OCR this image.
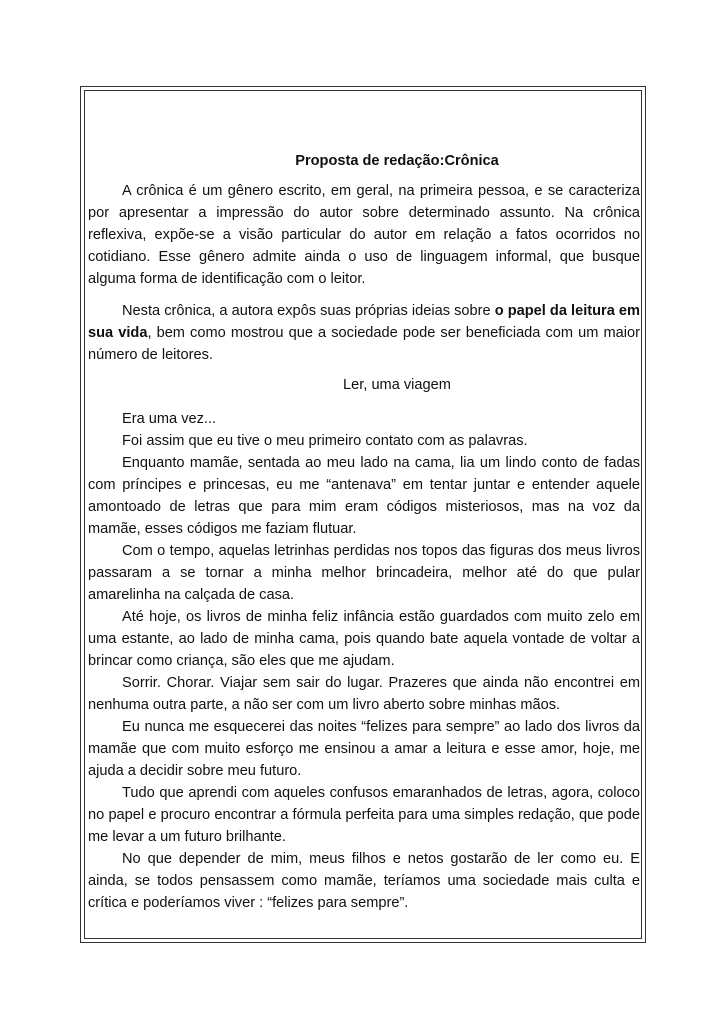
Proposta de redação:Crônica

A crônica é um gênero escrito, em geral, na primeira pessoa, e se caracteriza por apresentar a impressão do autor sobre determinado assunto. Na crônica reflexiva, expõe-se a visão particular do autor em relação a fatos ocorridos no cotidiano. Esse gênero admite ainda o uso de linguagem informal, que busque alguma forma de identificação com o leitor.

Nesta crônica, a autora expôs suas próprias ideias sobre o papel da leitura em sua vida, bem como mostrou que a sociedade pode ser beneficiada com um maior número de leitores.

Ler, uma viagem

Era uma vez...

Foi assim que eu tive o meu primeiro contato com as palavras.

Enquanto mamãe, sentada ao meu lado na cama, lia um lindo conto de fadas com príncipes e princesas, eu me “antenava” em tentar juntar e entender aquele amontoado de letras que para mim eram códigos misteriosos, mas na voz da mamãe, esses códigos me faziam flutuar.

Com o tempo, aquelas letrinhas perdidas nos topos das figuras dos meus livros passaram a se tornar a minha melhor brincadeira, melhor até do que pular amarelinha na calçada de casa.

Até hoje, os livros de minha feliz infância estão guardados com muito zelo em uma estante, ao lado de minha cama, pois quando bate aquela vontade de voltar a brincar como criança, são eles que me ajudam.

Sorrir. Chorar. Viajar sem sair do lugar. Prazeres que ainda não encontrei em nenhuma outra parte, a não ser com um livro aberto sobre minhas mãos.

Eu nunca me esquecerei das noites “felizes para sempre” ao lado dos livros da mamãe que com muito esforço me ensinou a amar a leitura e esse amor, hoje, me ajuda a decidir sobre meu futuro.

Tudo que aprendi com aqueles confusos emaranhados de letras, agora, coloco no papel e procuro encontrar a fórmula perfeita para uma simples redação, que pode me levar a um futuro brilhante.

No que depender de mim, meus filhos e netos gostarão de ler como eu. E ainda, se todos pensassem como mamãe, teríamos uma sociedade mais culta e crítica e poderíamos viver : “felizes para sempre”.
